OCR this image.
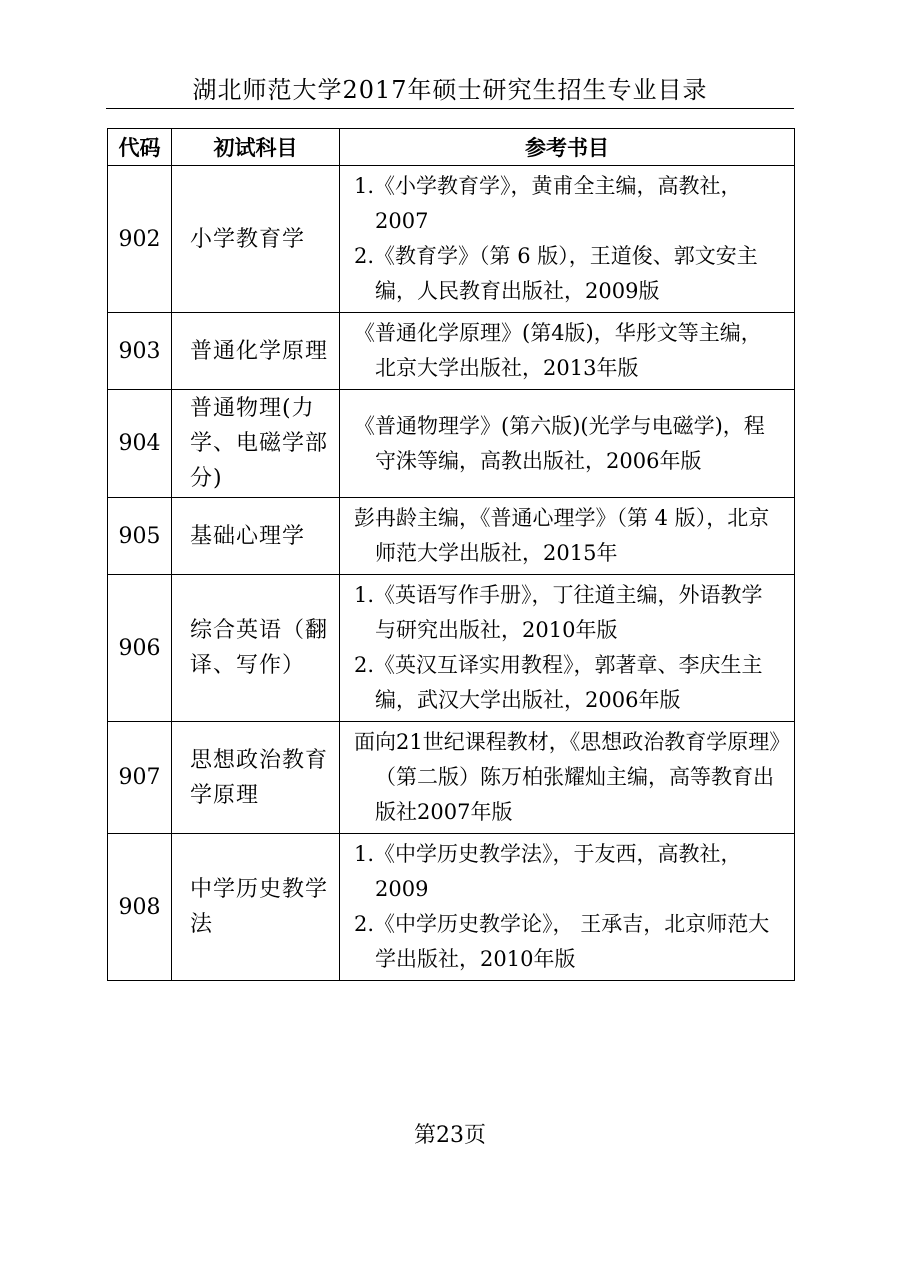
湖北师范大学2017年硕士研究生招生专业目录
代码	初试科目	参考书目
902	小学教育学	1.《小学教育学》，黄甫全主编，高教社，2007
2.《教育学》（第 6 版），王道俊、郭文安主编，人民教育出版社，2009版

903	普通化学原理	《普通化学原理》(第4版)，华彤文等主编，北京大学出版社，2013年版

904	普通物理(力学、电磁学部分)	《普通物理学》(第六版)(光学与电磁学)，程守洙等编，高教出版社，2006年版

905	基础心理学	彭冉龄主编，《普通心理学》（第 4 版），北京师范大学出版社，2015年

906	综合英语（翻译、写作）	1.《英语写作手册》，丁往道主编，外语教学与研究出版社，2010年版
2.《英汉互译实用教程》，郭著章、李庆生主编，武汉大学出版社，2006年版

907	思想政治教育学原理	面向21世纪课程教材，《思想政治教育学原理》（第二版）陈万柏张耀灿主编，高等教育出版社2007年版

908	中学历史教学法	1.《中学历史教学法》，于友西，高教社，2009
2.《中学历史教学论》， 王承吉，北京师范大学出版社，2010年版
第23页
